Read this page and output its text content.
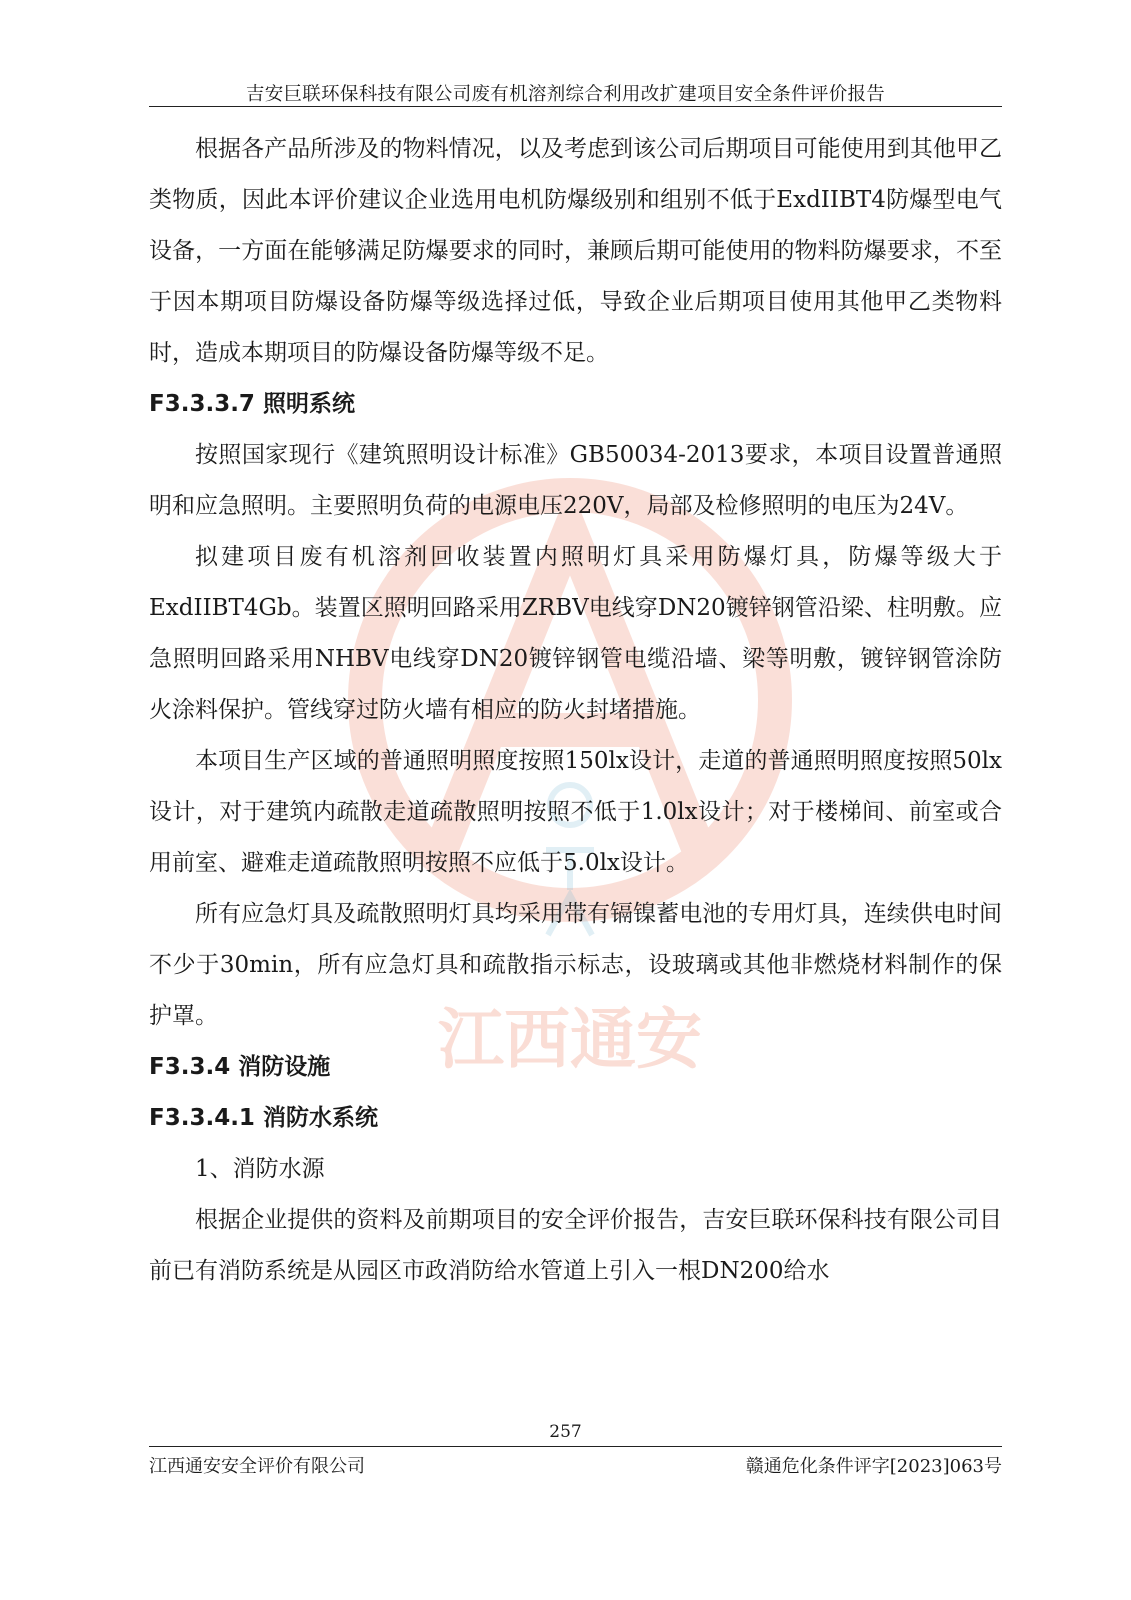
吉安巨联环保科技有限公司废有机溶剂综合利用改扩建项目安全条件评价报告
江西通安

根据各产品所涉及的物料情况，以及考虑到该公司后期项目可能使用到其他甲乙类物质，因此本评价建议企业选用电机防爆级别和组别不低于ExdIIBT4防爆型电气设备，一方面在能够满足防爆要求的同时，兼顾后期可能使用的物料防爆要求，不至于因本期项目防爆设备防爆等级选择过低，导致企业后期项目使用其他甲乙类物料时，造成本期项目的防爆设备防爆等级不足。

F3.3.3.7 照明系统

按照国家现行《建筑照明设计标准》GB50034-2013要求，本项目设置普通照明和应急照明。主要照明负荷的电源电压220V，局部及检修照明的电压为24V。

拟建项目废有机溶剂回收装置内照明灯具采用防爆灯具，防爆等级大于ExdIIBT4Gb。装置区照明回路采用ZRBV电线穿DN20镀锌钢管沿梁、柱明敷。应急照明回路采用NHBV电线穿DN20镀锌钢管电缆沿墙、梁等明敷，镀锌钢管涂防火涂料保护。管线穿过防火墙有相应的防火封堵措施。

本项目生产区域的普通照明照度按照150lx设计，走道的普通照明照度按照50lx设计，对于建筑内疏散走道疏散照明按照不低于1.0lx设计；对于楼梯间、前室或合用前室、避难走道疏散照明按照不应低于5.0lx设计。

所有应急灯具及疏散照明灯具均采用带有镉镍蓄电池的专用灯具，连续供电时间不少于30min，所有应急灯具和疏散指示标志，设玻璃或其他非燃烧材料制作的保护罩。

F3.3.4 消防设施

F3.3.4.1 消防水系统

1、消防水源

根据企业提供的资料及前期项目的安全评价报告，吉安巨联环保科技有限公司目前已有消防系统是从园区市政消防给水管道上引入一根DN200给水

257
江西通安安全评价有限公司	赣通危化条件评字[2023]063号
